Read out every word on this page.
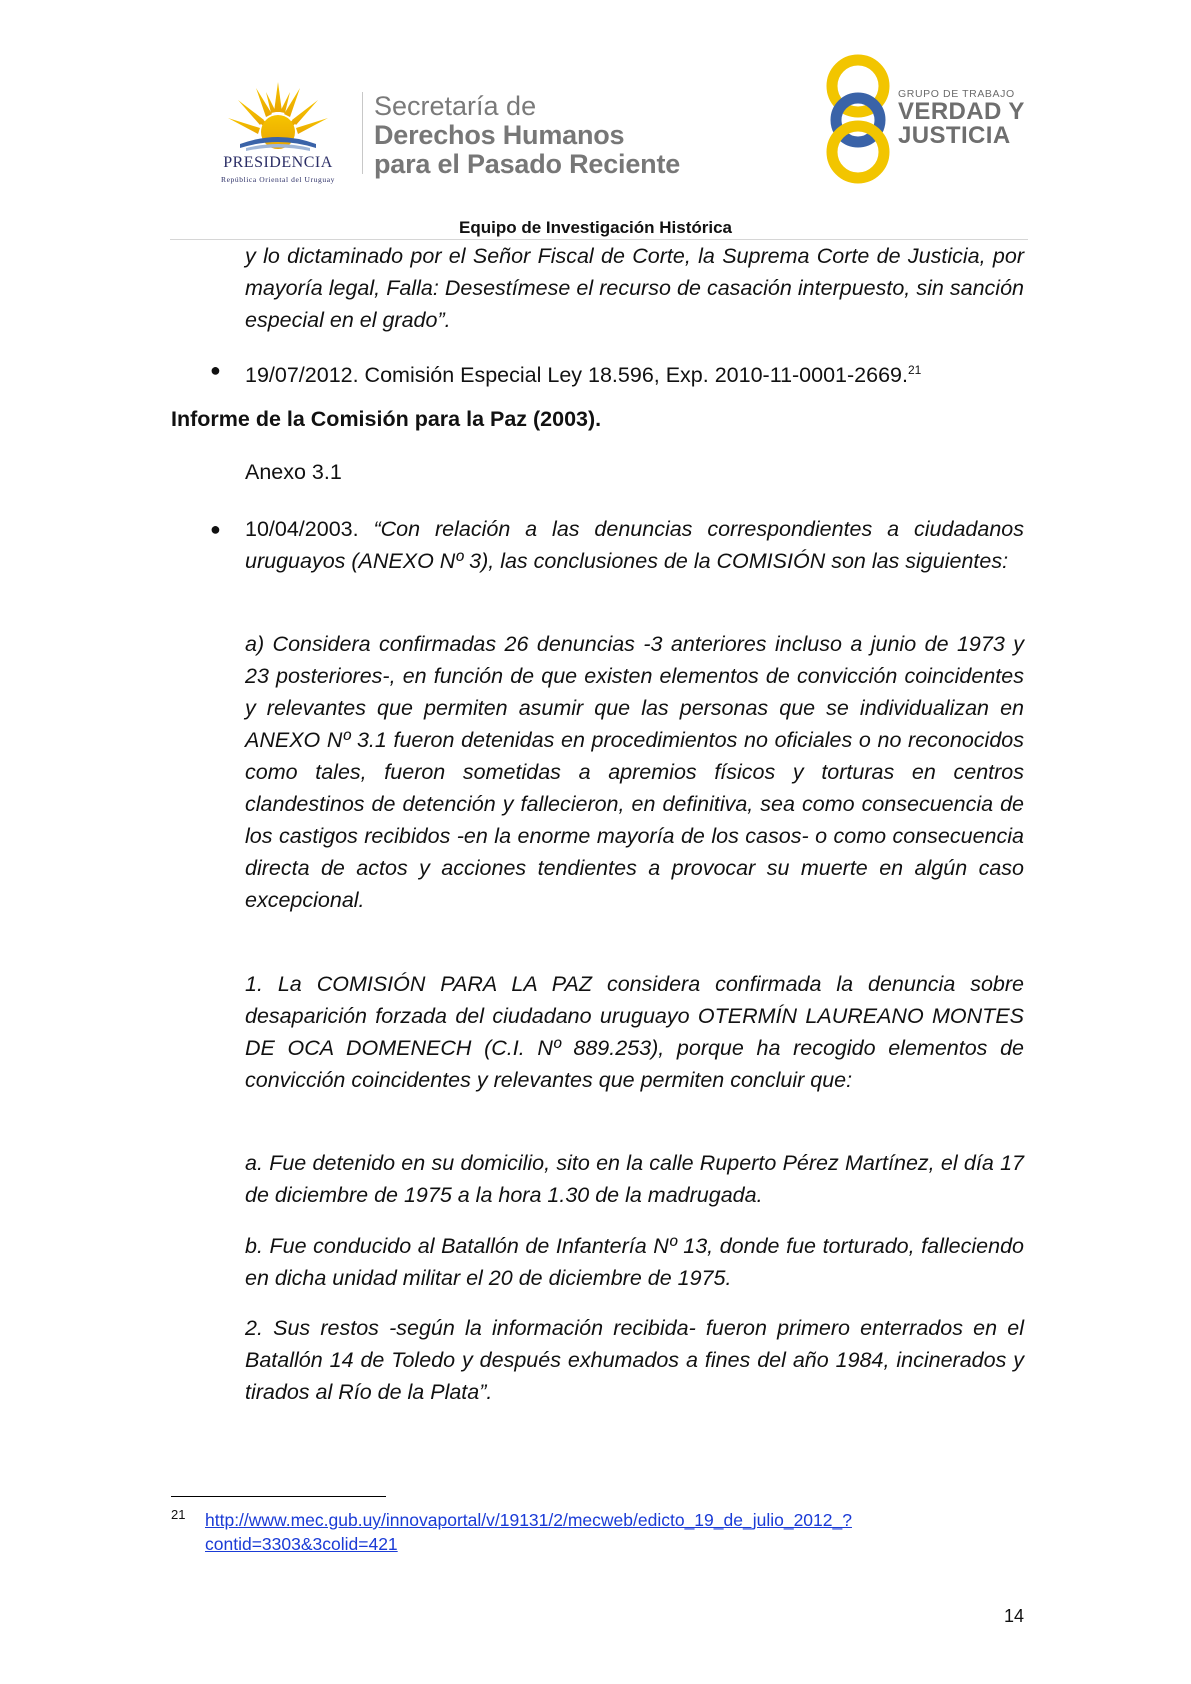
PRESIDENCIA
República Oriental del Uruguay
Secretaría de
Derechos Humanos
para el Pasado Reciente
GRUPO DE TRABAJO
VERDAD Y
JUSTICIA
Equipo de Investigación Histórica
y lo dictaminado por el Señor Fiscal de Corte, la Suprema Corte de Justicia, por mayoría legal, Falla: Desestímese el recurso de casación interpuesto, sin sanción especial en el grado”.
● 19/07/2012. Comisión Especial Ley 18.596, Exp. 2010-11-0001-2669.21
Informe de la Comisión para la Paz (2003).
Anexo 3.1
● 10/04/2003. “Con relación a las denuncias correspondientes a ciudadanos uruguayos (ANEXO Nº 3), las conclusiones de la COMISIÓN son las siguientes:
a) Considera confirmadas 26 denuncias -3 anteriores incluso a junio de 1973 y 23 posteriores-, en función de que existen elementos de convicción coincidentes y relevantes que permiten asumir que las personas que se individualizan en ANEXO Nº 3.1 fueron detenidas en procedimientos no oficiales o no reconocidos como tales, fueron sometidas a apremios físicos y torturas en centros clandestinos de detención y fallecieron, en definitiva, sea como consecuencia de los castigos recibidos -en la enorme mayoría de los casos- o como consecuencia directa de actos y acciones tendientes a provocar su muerte en algún caso excepcional.
1. La COMISIÓN PARA LA PAZ considera confirmada la denuncia sobre desaparición forzada del ciudadano uruguayo OTERMÍN LAUREANO MONTES DE OCA DOMENECH (C.I. Nº 889.253), porque ha recogido elementos de convicción coincidentes y relevantes que permiten concluir que:
a. Fue detenido en su domicilio, sito en la calle Ruperto Pérez Martínez, el día 17 de diciembre de 1975 a la hora 1.30 de la madrugada.
b. Fue conducido al Batallón de Infantería Nº 13, donde fue torturado, falleciendo en dicha unidad militar el 20 de diciembre de 1975.
2. Sus restos -según la información recibida- fueron primero enterrados en el Batallón 14 de Toledo y después exhumados a fines del año 1984, incinerados y tirados al Río de la Plata”.
21 http://www.mec.gub.uy/innovaportal/v/19131/2/mecweb/edicto_19_de_julio_2012_?
contid=3303&3colid=421
14
